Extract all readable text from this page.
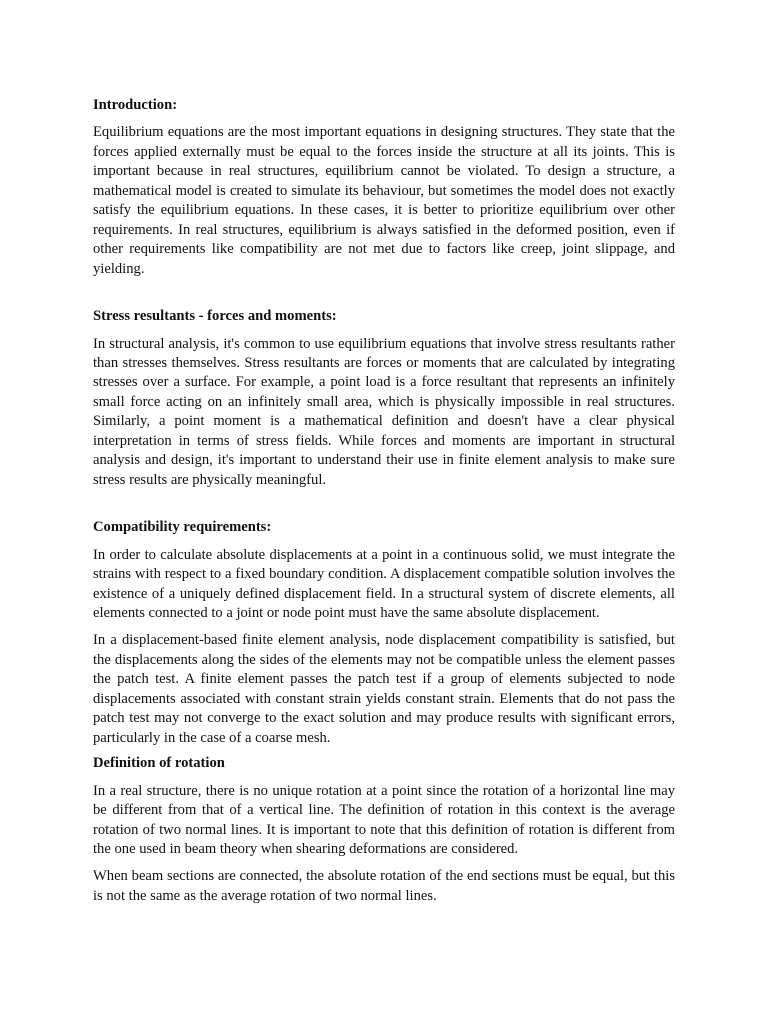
Introduction:

Equilibrium equations are the most important equations in designing structures. They state that the forces applied externally must be equal to the forces inside the structure at all its joints. This is important because in real structures, equilibrium cannot be violated. To design a structure, a mathematical model is created to simulate its behaviour, but sometimes the model does not exactly satisfy the equilibrium equations. In these cases, it is better to prioritize equilibrium over other requirements. In real structures, equilibrium is always satisfied in the deformed position, even if other requirements like compatibility are not met due to factors like creep, joint slippage, and yielding.

Stress resultants - forces and moments:

In structural analysis, it's common to use equilibrium equations that involve stress resultants rather than stresses themselves. Stress resultants are forces or moments that are calculated by integrating stresses over a surface. For example, a point load is a force resultant that represents an infinitely small force acting on an infinitely small area, which is physically impossible in real structures. Similarly, a point moment is a mathematical definition and doesn't have a clear physical interpretation in terms of stress fields. While forces and moments are important in structural analysis and design, it's important to understand their use in finite element analysis to make sure stress results are physically meaningful.

Compatibility requirements:

In order to calculate absolute displacements at a point in a continuous solid, we must integrate the strains with respect to a fixed boundary condition. A displacement compatible solution involves the existence of a uniquely defined displacement field. In a structural system of discrete elements, all elements connected to a joint or node point must have the same absolute displacement.

In a displacement-based finite element analysis, node displacement compatibility is satisfied, but the displacements along the sides of the elements may not be compatible unless the element passes the patch test. A finite element passes the patch test if a group of elements subjected to node displacements associated with constant strain yields constant strain. Elements that do not pass the patch test may not converge to the exact solution and may produce results with significant errors, particularly in the case of a coarse mesh.

Definition of rotation

In a real structure, there is no unique rotation at a point since the rotation of a horizontal line may be different from that of a vertical line. The definition of rotation in this context is the average rotation of two normal lines. It is important to note that this definition of rotation is different from the one used in beam theory when shearing deformations are considered.

When beam sections are connected, the absolute rotation of the end sections must be equal, but this is not the same as the average rotation of two normal lines.
